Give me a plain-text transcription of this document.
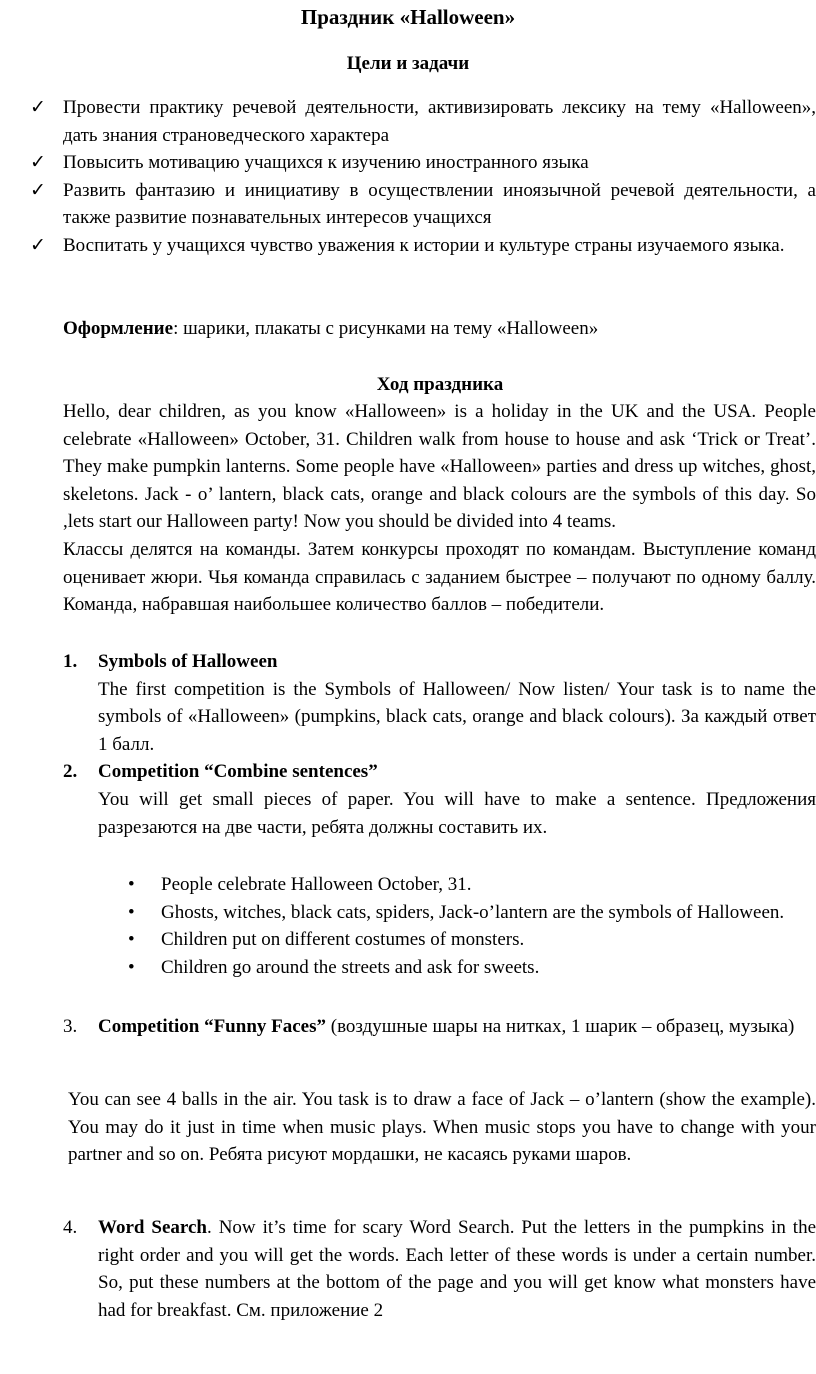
Праздник «Halloween»
Цели и задачи
✓ Провести практику речевой деятельности, активизировать лексику на тему «Halloween», дать знания страноведческого характера
✓ Повысить мотивацию учащихся к изучению иностранного языка
✓ Развить фантазию и инициативу в осуществлении иноязычной речевой деятельности, а также развитие познавательных интересов учащихся
✓ Воспитать у учащихся чувство уважения к истории и культуре страны изучаемого языка.
Оформление: шарики, плакаты с рисунками на тему «Halloween»
Ход праздника

Hello, dear children, as you know «Halloween» is a holiday in the UK and the USA. People celebrate «Halloween» October, 31. Children walk from house to house and ask ‘Trick or Treat’. They make pumpkin lanterns. Some people have «Halloween» parties and dress up witches, ghost, skeletons. Jack - o’ lantern, black cats, orange and black colours are the symbols of this day. So ,lets start our Halloween party! Now you should be divided into 4 teams.

Классы делятся на команды. Затем конкурсы проходят по командам. Выступление команд оценивает жюри. Чья команда справилась с заданием быстрее – получают по одному баллу. Команда, набравшая наибольшее количество баллов – победители.

1. Symbols of Halloween
The first competition is the Symbols of Halloween/ Now listen/ Your task is to name the symbols of «Halloween» (pumpkins, black cats, orange and black colours). За каждый ответ 1 балл.
2. Competition “Combine sentences”
You will get small pieces of paper. You will have to make a sentence. Предложения разрезаются на две части, ребята должны составить их.
•	People celebrate Halloween October, 31.
•	Ghosts, witches, black cats, spiders, Jack-o’lantern are the symbols of Halloween.
•	Children put on different costumes of monsters.
•	Children go around the streets and ask for sweets.
3. Competition “Funny Faces” (воздушные шары на нитках, 1 шарик – образец, музыка)
You can see 4 balls in the air. You task is to draw a face of Jack – o’lantern (show the example). You may do it just in time when music plays. When music stops you have to change with your partner and so on. Ребята рисуют мордашки, не касаясь руками шаров.
4. Word Search. Now it’s time for scary Word Search. Put the letters in the pumpkins in the right order and you will get the words. Each letter of these words is under a certain number. So, put these numbers at the bottom of the page and you will get know what monsters have had for breakfast. См. приложение 2
